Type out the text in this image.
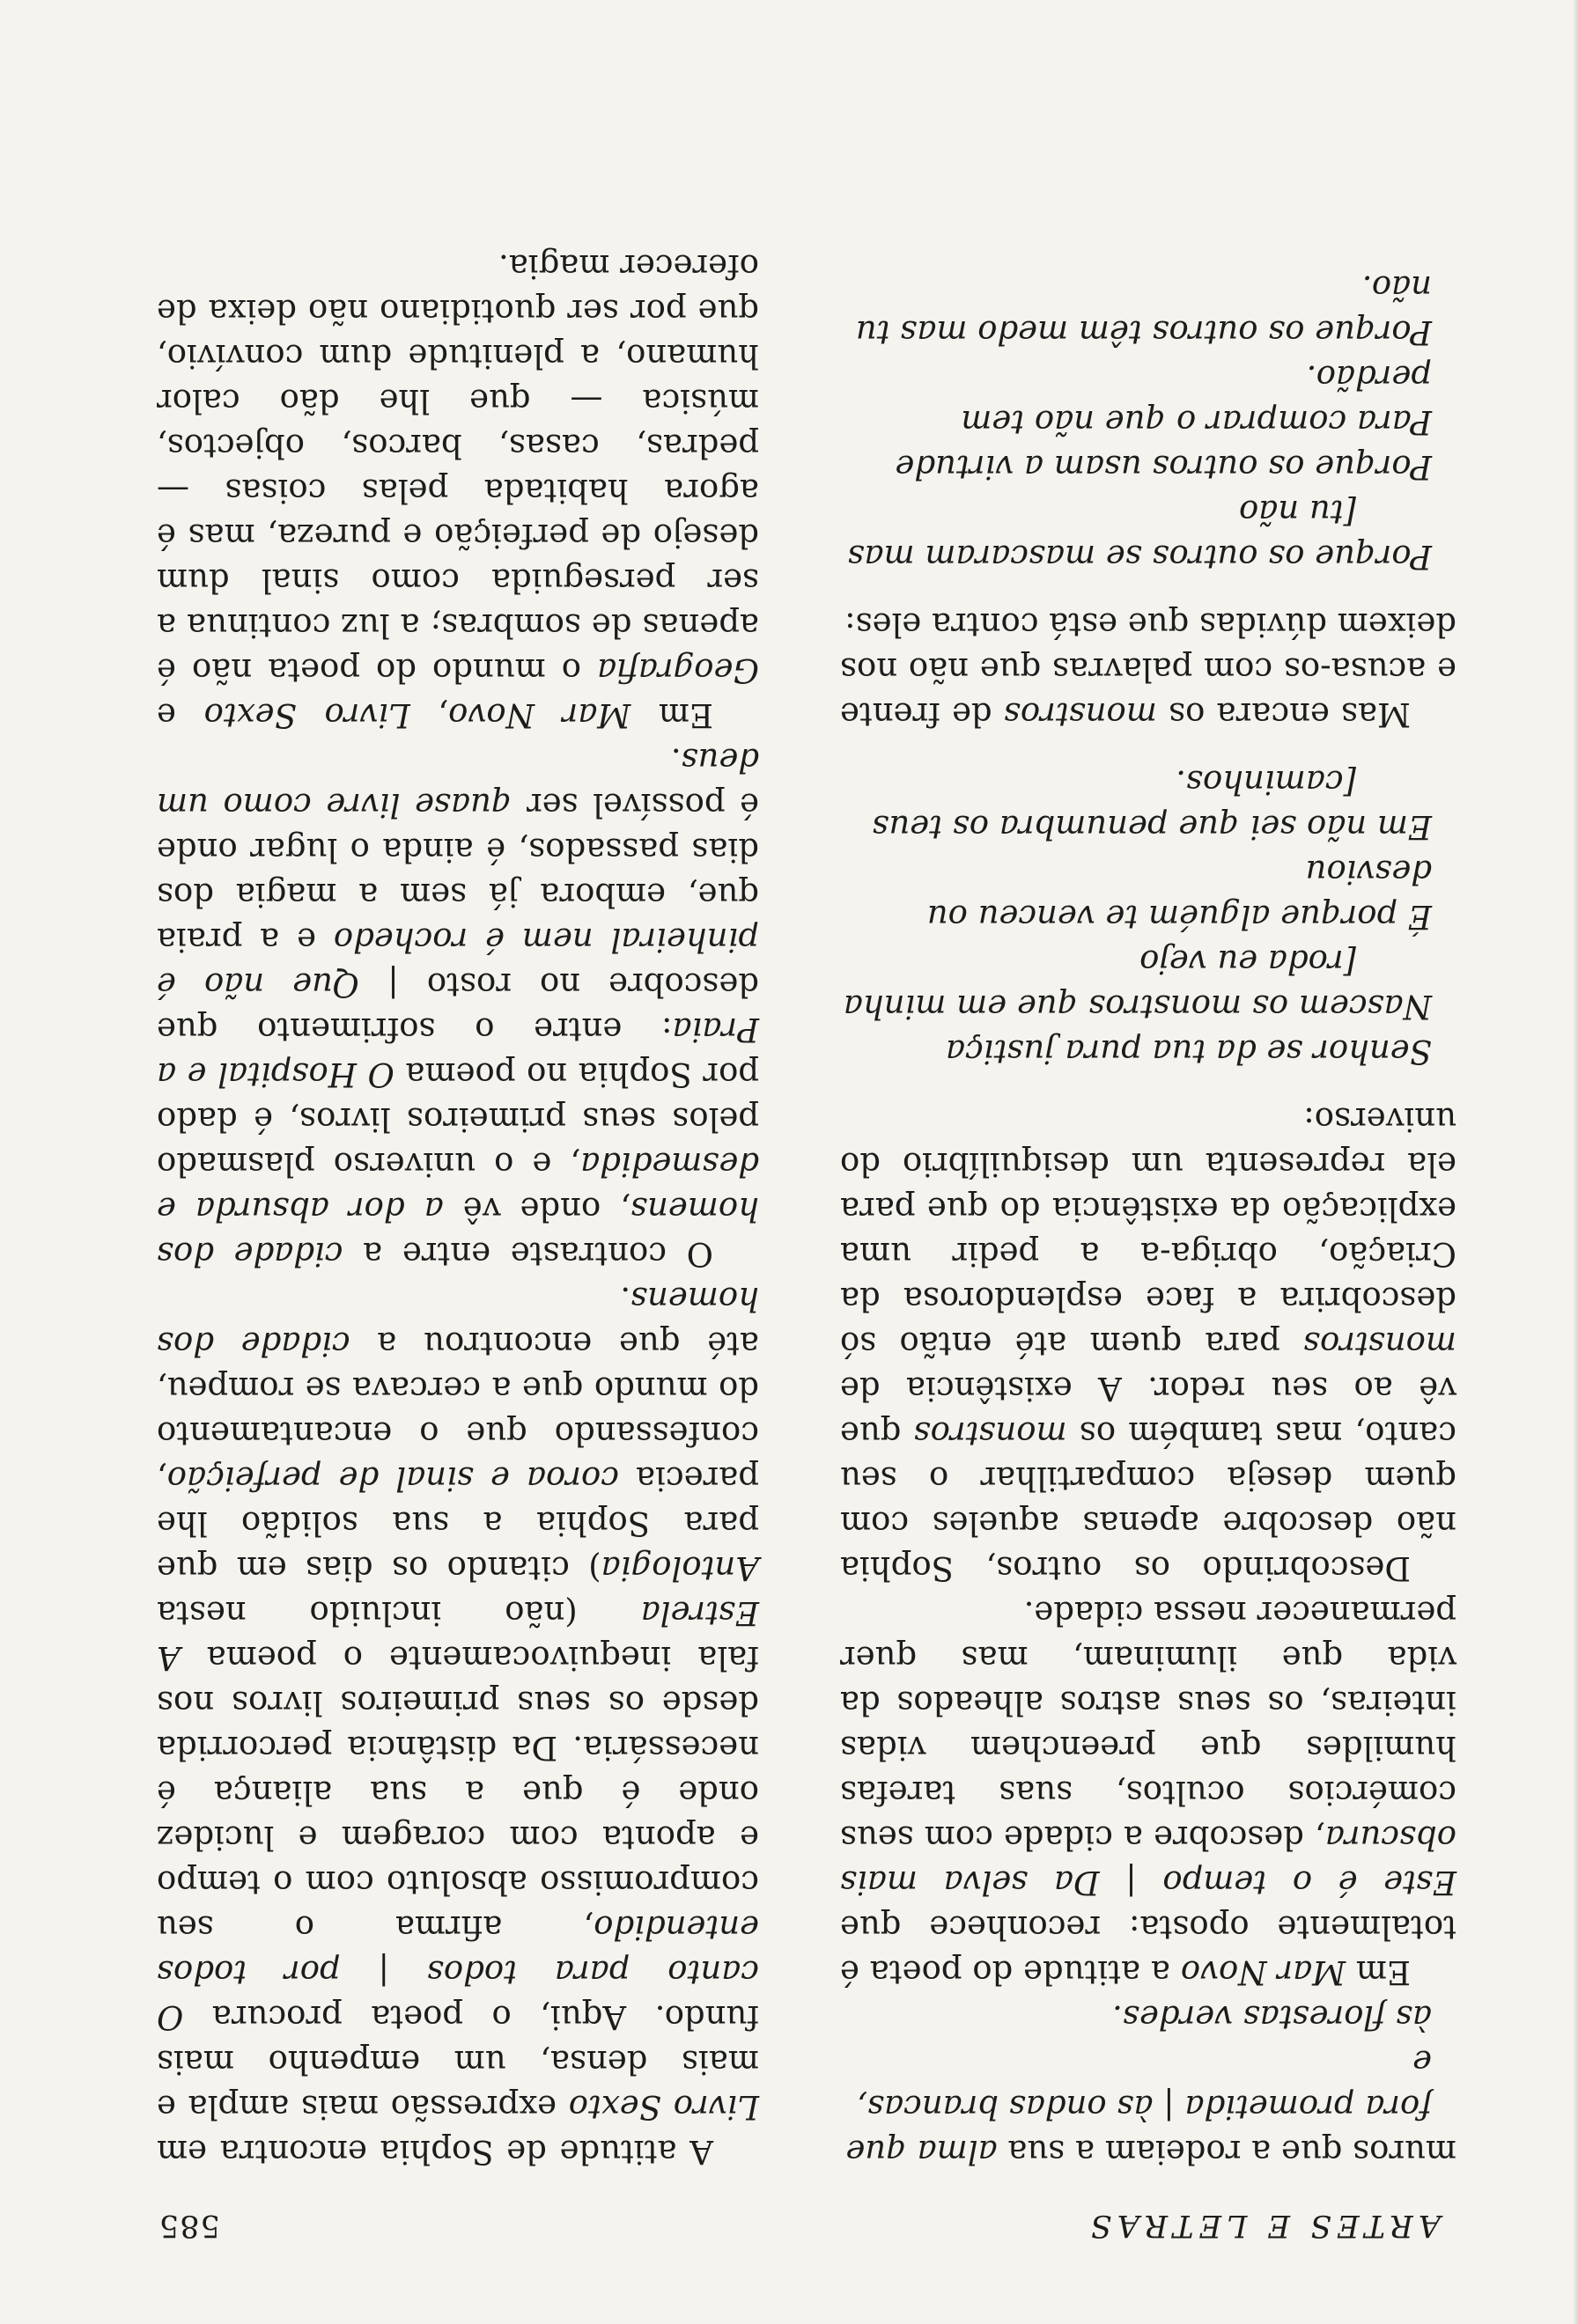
ARTES E LETRAS
585

muros que a rodeiam a sua alma que

fora prometida | às ondas brancas, e
às florestas verdes.

Em Mar Novo a atitude do poeta é totalmente oposta: reconhece que Este é o tempo | Da selva mais obscura, descobre a cidade com seus comércios ocultos, suas tarefas humildes que preenchem vidas inteiras, os seus astros alheados da vida que iluminam, mas quer permanecer nessa cidade.

Descobrindo os outros, Sophia não descobre apenas aqueles com quem deseja compartilhar o seu canto, mas também os monstros que vê ao seu redor. A existência de monstros para quem até então só descobrira a face esplendorosa da Criação, obriga-a a pedir uma explicação da existência do que para ela representa um desiquilíbrio do universo:

Senhor se da tua pura justiça
Nascem os monstros que em minha
[roda eu vejo
É porque alguém te venceu ou desviou
Em não sei que penumbra os teus
[caminhos.

Mas encara os monstros de frente e acusa-os com palavras que não nos deixem dúvidas que está contra eles:

Porque os outros se mascaram mas
[tu não
Porque os outros usam a virtude
Para comprar o que não tem perdão.
Porque os outros têm medo mas tu não.

A atitude de Sophia encontra em Livro Sexto expressão mais ampla e mais densa, um empenho mais fundo. Aqui, o poeta procura O canto para todos | por todos entendido, afirma o seu compromisso absoluto com o tempo e aponta com coragem e lucidez onde é que a sua aliança é necessária. Da distância percorrida desde os seus primeiros livros nos fala inequivocamente o poema A Estrela (não incluido nesta Antologia) citando os dias em que para Sophia a sua solidão lhe parecia coroa e sinal de perfeição, confessando que o encantamento do mundo que a cercava se rompeu, até que encontrou a cidade dos homens.

O contraste entre a cidade dos homens, onde vê a dor absurda e desmedida, e o universo plasmado pelos seus primeiros livros, é dado por Sophia no poema O Hospital e a Praia: entre o sofrimento que descobre no rosto | Que não é pinheiral nem é rochedo e a praia que, embora já sem a magia dos dias passados, é ainda o lugar onde é possível ser quase livre como um deus.

Em Mar Novo, Livro Sexto e Geografia o mundo do poeta não é apenas de sombras; a luz continua a ser perseguida como sinal dum desejo de perfeição e pureza, mas é agora habitada pelas coisas — pedras, casas, barcos, objectos, música — que lhe dão calor humano, a plenitude dum convívio, que por ser quotidiano não deixa de oferecer magia.
